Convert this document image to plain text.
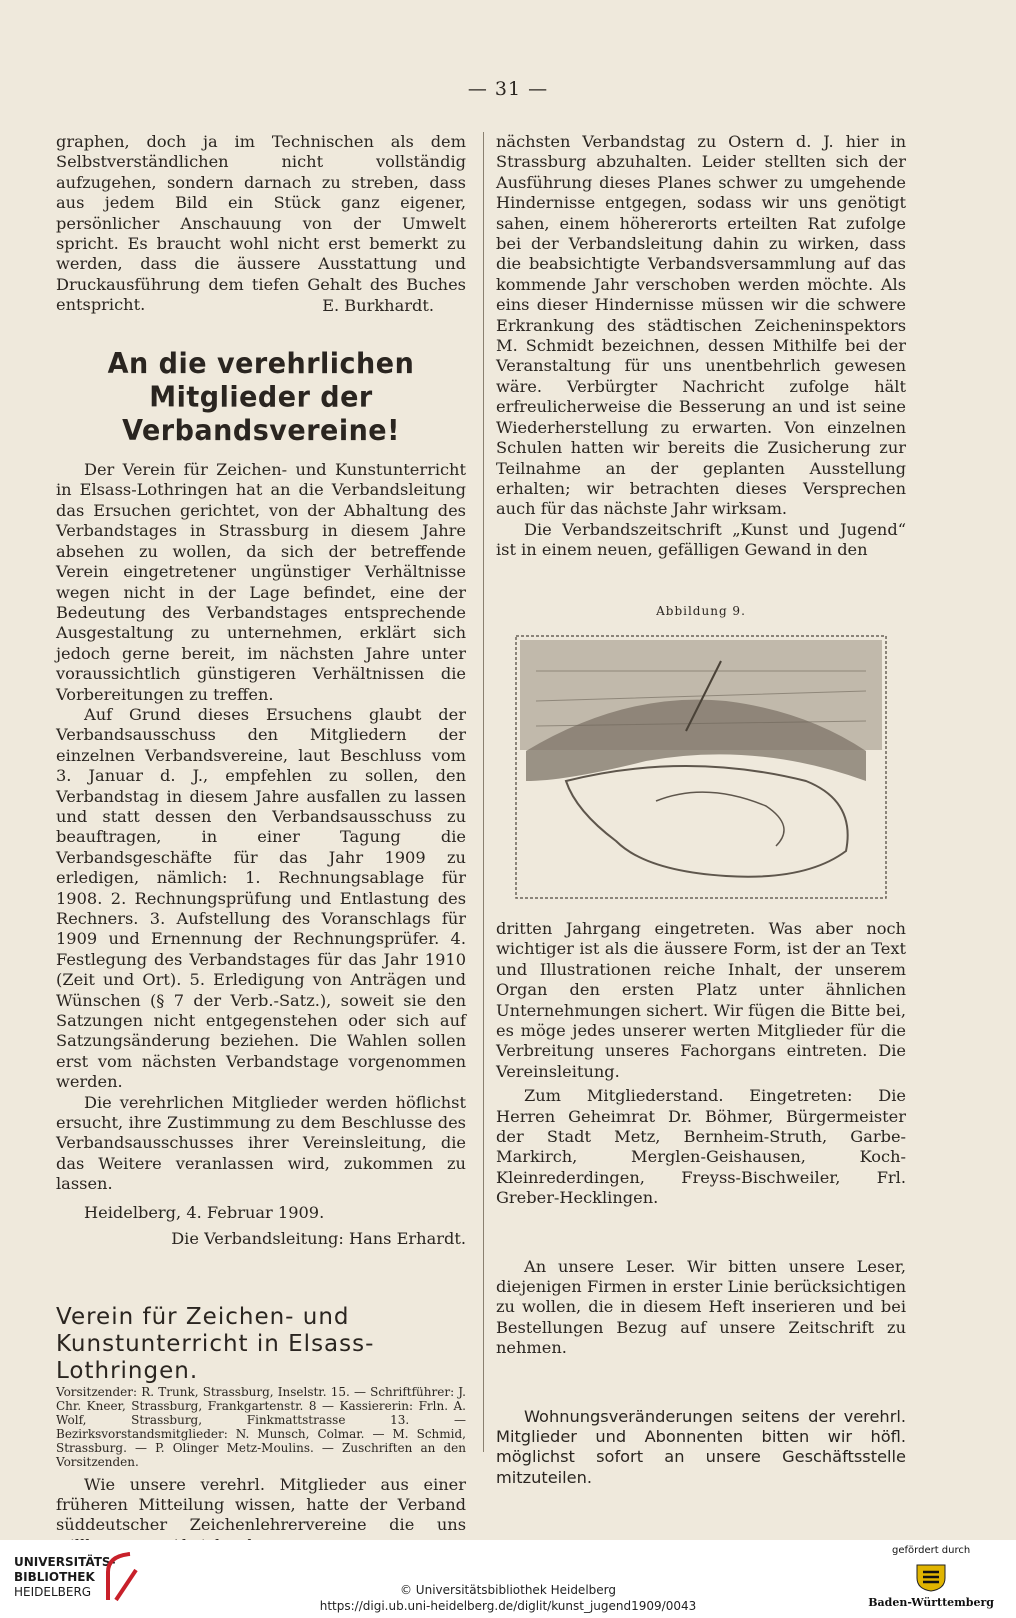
— 31 —

graphen, doch ja im Technischen als dem Selbstverständlichen nicht vollständig aufzugehen, sondern darnach zu streben, dass aus jedem Bild ein Stück ganz eigener, persönlicher Anschauung von der Umwelt spricht. Es braucht wohl nicht erst bemerkt zu werden, dass die äussere Ausstattung und Druckausführung dem tiefen Gehalt des Buches entspricht.	E. Burkhardt.

An die verehrlichen Mitglieder der Verbandsvereine!

Der Verein für Zeichen- und Kunstunterricht in Elsass-Lothringen hat an die Verbandsleitung das Ersuchen gerichtet, von der Abhaltung des Verbandstages in Strassburg in diesem Jahre absehen zu wollen, da sich der betreffende Verein eingetretener ungünstiger Verhältnisse wegen nicht in der Lage befindet, eine der Bedeutung des Verbandstages entsprechende Ausgestaltung zu unternehmen, erklärt sich jedoch gerne bereit, im nächsten Jahre unter voraussichtlich günstigeren Verhältnissen die Vorbereitungen zu treffen.

Auf Grund dieses Ersuchens glaubt der Verbandsausschuss den Mitgliedern der einzelnen Verbandsvereine, laut Beschluss vom 3. Januar d. J., empfehlen zu sollen, den Verbandstag in diesem Jahre ausfallen zu lassen und statt dessen den Verbandsausschuss zu beauftragen, in einer Tagung die Verbandsgeschäfte für das Jahr 1909 zu erledigen, nämlich: 1. Rechnungsablage für 1908. 2. Rechnungsprüfung und Entlastung des Rechners. 3. Aufstellung des Voranschlags für 1909 und Ernennung der Rechnungsprüfer. 4. Festlegung des Verbandstages für das Jahr 1910 (Zeit und Ort). 5. Erledigung von Anträgen und Wünschen (§ 7 der Verb.-Satz.), soweit sie den Satzungen nicht entgegenstehen oder sich auf Satzungsänderung beziehen. Die Wahlen sollen erst vom nächsten Verbandstage vorgenommen werden.

Die verehrlichen Mitglieder werden höflichst ersucht, ihre Zustimmung zu dem Beschlusse des Verbandsausschusses ihrer Vereinsleitung, die das Weitere veranlassen wird, zukommen zu lassen.

Heidelberg, 4. Februar 1909.

Die Verbandsleitung: Hans Erhardt.

Verein für Zeichen- und Kunstunterricht in Elsass-Lothringen.

Vorsitzender: R. Trunk, Strassburg, Inselstr. 15. — Schriftführer: J. Chr. Kneer, Strassburg, Frankgartenstr. 8 — Kassiererin: Frln. A. Wolf, Strassburg, Finkmattstrasse 13. — Bezirksvorstandsmitglieder: N. Munsch, Colmar. — M. Schmid, Strassburg. — P. Olinger Metz-Moulins. — Zuschriften an den Vorsitzenden.

Wie unsere verehrl. Mitglieder aus einer früheren Mitteilung wissen, hatte der Verband süddeutscher Zeichenlehrervereine die uns

nächsten Verbandstag zu Ostern d. J. hier in Strassburg abzuhalten. Leider stellten sich der Ausführung dieses Planes schwer zu umgehende Hindernisse entgegen, sodass wir uns genötigt sahen, einem höhererorts erteilten Rat zufolge bei der Verbandsleitung dahin zu wirken, dass die beabsichtigte Verbandsversammlung auf das kommende Jahr verschoben werden möchte. Als eins dieser Hindernisse müssen wir die schwere Erkrankung des städtischen Zeicheninspektors M. Schmidt bezeichnen, dessen Mithilfe bei der Veranstaltung für uns unentbehrlich gewesen wäre. Verbürgter Nachricht zufolge hält erfreulicherweise die Besserung an und ist seine Wiederherstellung zu erwarten. Von einzelnen Schulen hatten wir bereits die Zusicherung zur Teilnahme an der geplanten Ausstellung erhalten; wir betrachten dieses Versprechen auch für das nächste Jahr wirksam.

Die Verbandszeitschrift „Kunst und Jugend“ ist in einem neuen, gefälligen Gewand in den

Abbildung 9.

dritten Jahrgang eingetreten. Was aber noch wichtiger ist als die äussere Form, ist der an Text und Illustrationen reiche Inhalt, der unserem Organ den ersten Platz unter ähnlichen Unternehmungen sichert. Wir fügen die Bitte bei, es möge jedes unserer werten Mitglieder für die Verbreitung unseres Fachorgans eintreten. Die Vereinsleitung.

Zum Mitgliederstand. Eingetreten: Die Herren Geheimrat Dr. Böhmer, Bürgermeister der Stadt Metz, Bernheim-Struth, Garbe-Markirch, Merglen-Geishausen, Koch-Kleinrederdingen, Freyss-Bischweiler, Frl. Greber-Hecklingen.

An unsere Leser. Wir bitten unsere Leser, diejenigen Firmen in erster Linie berücksichtigen zu wollen, die in diesem Heft inserieren und bei Bestellungen Bezug auf unsere Zeitschrift zu nehmen.

Wohnungsveränderungen seitens der verehrl. Mitglieder und Abonnenten bitten wir höfl. möglichst sofort an unsere Geschäftsstelle mitzuteilen.

UNIVERSITÄTS-
BIBLIOTHEK
HEIDELBERG
gefördert durch
Baden-Württemberg
© Universitätsbibliothek Heidelberg
https://digi.ub.uni-heidelberg.de/diglit/kunst_jugend1909/0043
